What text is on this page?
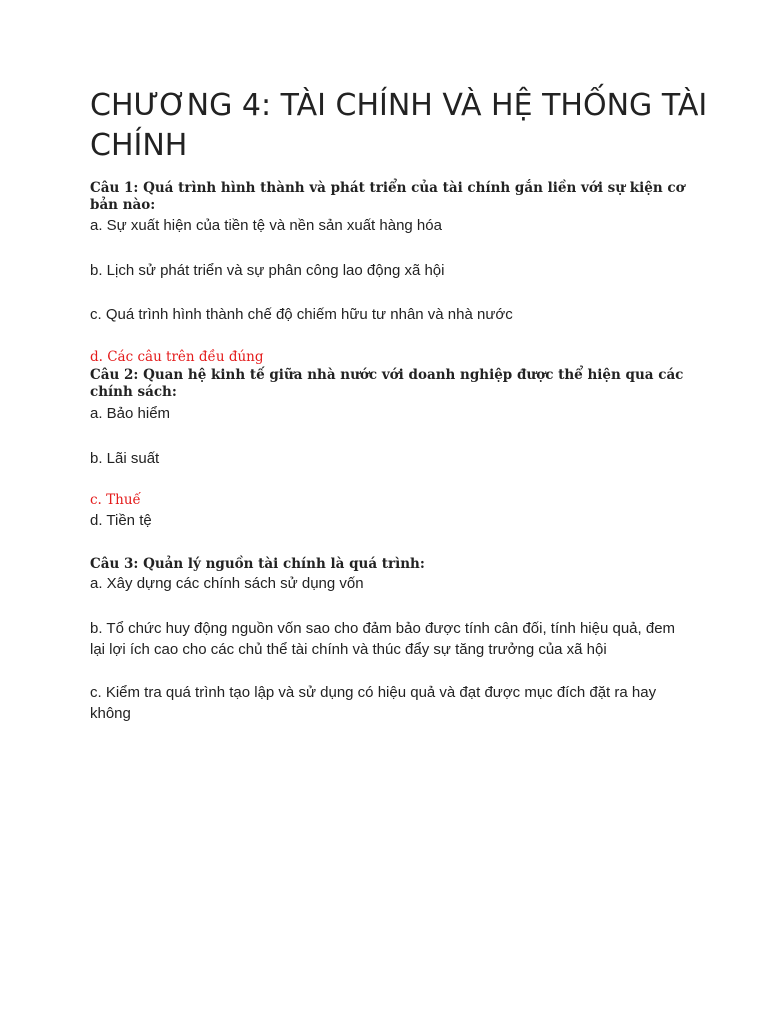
CHƯƠNG 4: TÀI CHÍNH VÀ HỆ THỐNG TÀI CHÍNH

Câu 1: Quá trình hình thành và phát triển của tài chính gắn liền với sự kiện cơ bản nào:

a. Sự xuất hiện của tiền tệ và nền sản xuất hàng hóa

b. Lịch sử phát triển và sự phân công lao động xã hội

c. Quá trình hình thành chế độ chiếm hữu tư nhân và nhà nước

d. Các câu trên đều đúng

Câu 2: Quan hệ kinh tế giữa nhà nước với doanh nghiệp được thể hiện qua các chính sách:

a. Bảo hiểm

b. Lãi suất

c. Thuế

d. Tiền tệ

Câu 3: Quản lý nguồn tài chính là quá trình:

a. Xây dựng các chính sách sử dụng vốn

b. Tổ chức huy động nguồn vốn sao cho đảm bảo được tính cân đối, tính hiệu quả, đem lại lợi ích cao cho các chủ thể tài chính và thúc đẩy sự tăng trưởng của xã hội

c. Kiểm tra quá trình tạo lập và sử dụng có hiệu quả và đạt được mục đích đặt ra hay không
